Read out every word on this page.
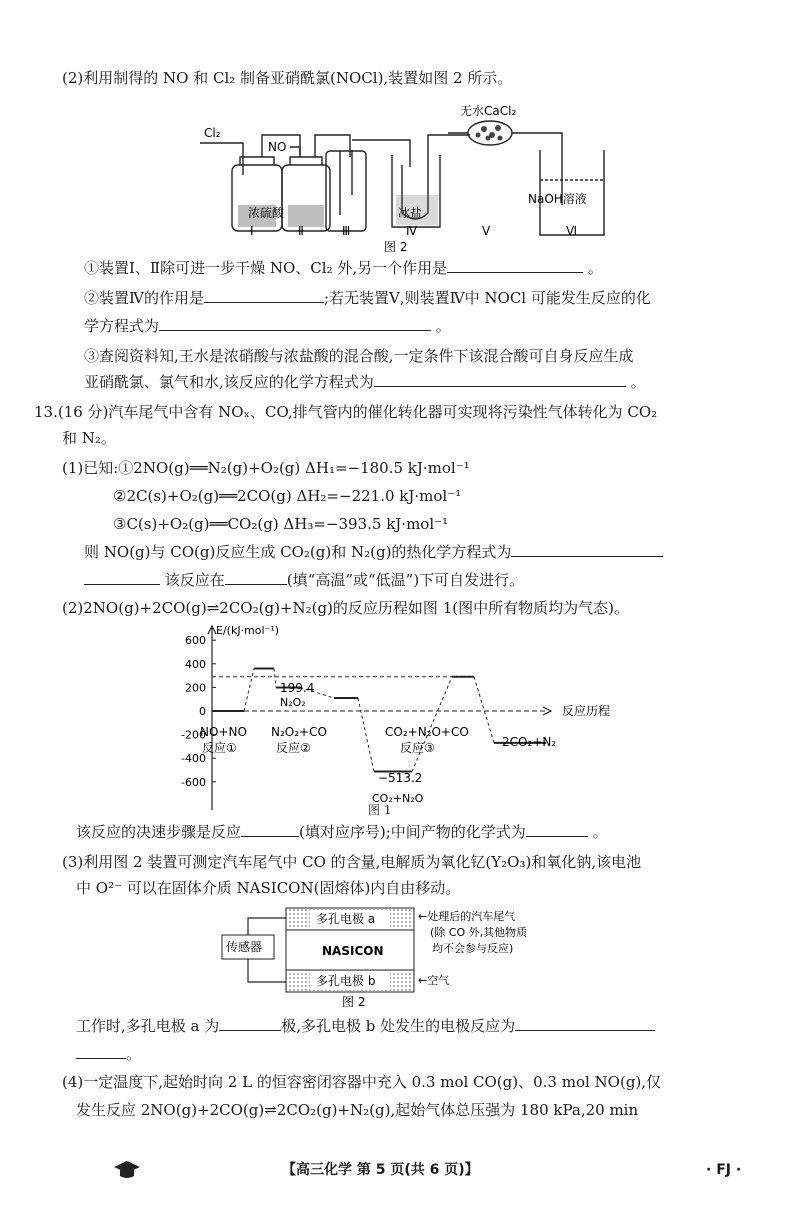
(2)利用制得的 NO 和 Cl₂ 制备亚硝酰氯(NOCl),装置如图 2 所示。
Cl₂
NO
无水CaCl₂
浓硫酸	冰盐
NaOH溶液
Ⅰ	Ⅱ	Ⅲ	Ⅳ	Ⅴ	Ⅵ
图 2
①装置Ⅰ、Ⅱ除可进一步干燥 NO、Cl₂ 外,另一个作用是	。
②装置Ⅳ的作用是	;若无装置Ⅴ,则装置Ⅳ中 NOCl 可能发生反应的化
学方程式为	。
③查阅资料知,王水是浓硝酸与浓盐酸的混合酸,一定条件下该混合酸可自身反应生成
亚硝酰氯、氯气和水,该反应的化学方程式为	。
13.(16 分)汽车尾气中含有 NOₓ、CO,排气管内的催化转化器可实现将污染性气体转化为 CO₂
和 N₂。
(1)已知:①2NO(g)══N₂(g)+O₂(g) ΔH₁=−180.5 kJ·mol⁻¹
②2C(s)+O₂(g)══2CO(g) ΔH₂=−221.0 kJ·mol⁻¹
③C(s)+O₂(g)══CO₂(g) ΔH₃=−393.5 kJ·mol⁻¹
则 NO(g)与 CO(g)反应生成 CO₂(g)和 N₂(g)的热化学方程式为
该反应在	(填“高温”或“低温”)下可自发进行。
(2)2NO(g)+2CO(g)⇌2CO₂(g)+N₂(g)的反应历程如图 1(图中所有物质均为气态)。
E/(kJ·mol⁻¹)
反应历程
600
400
200
0
-200
-400
-600
NO+NO
反应①
N₂O₂+CO
反应②
CO₂+N₂O+CO
反应③	2CO₂+N₂
199.4
N₂O₂
−513.2
CO₂+N₂O
图 1
该反应的决速步骤是反应	(填对应序号);中间产物的化学式为	。
(3)利用图 2 装置可测定汽车尾气中 CO 的含量,电解质为氧化钇(Y₂O₃)和氧化钠,该电池
中 O²⁻ 可以在固体介质 NASICON(固熔体)内自由移动。
多孔电极 a
NASICON
多孔电极 b
传感器
←处理后的汽车尾气
(除 CO 外,其他物质
均不会参与反应)
←空气
图 2
工作时,多孔电极 a 为	极,多孔电极 b 处发生的电极反应为
。
(4)一定温度下,起始时向 2 L 的恒容密闭容器中充入 0.3 mol CO(g)、0.3 mol NO(g),仅
发生反应 2NO(g)+2CO(g)⇌2CO₂(g)+N₂(g),起始气体总压强为 180 kPa,20 min
【高三化学 第 5 页(共 6 页)】	· FJ ·
